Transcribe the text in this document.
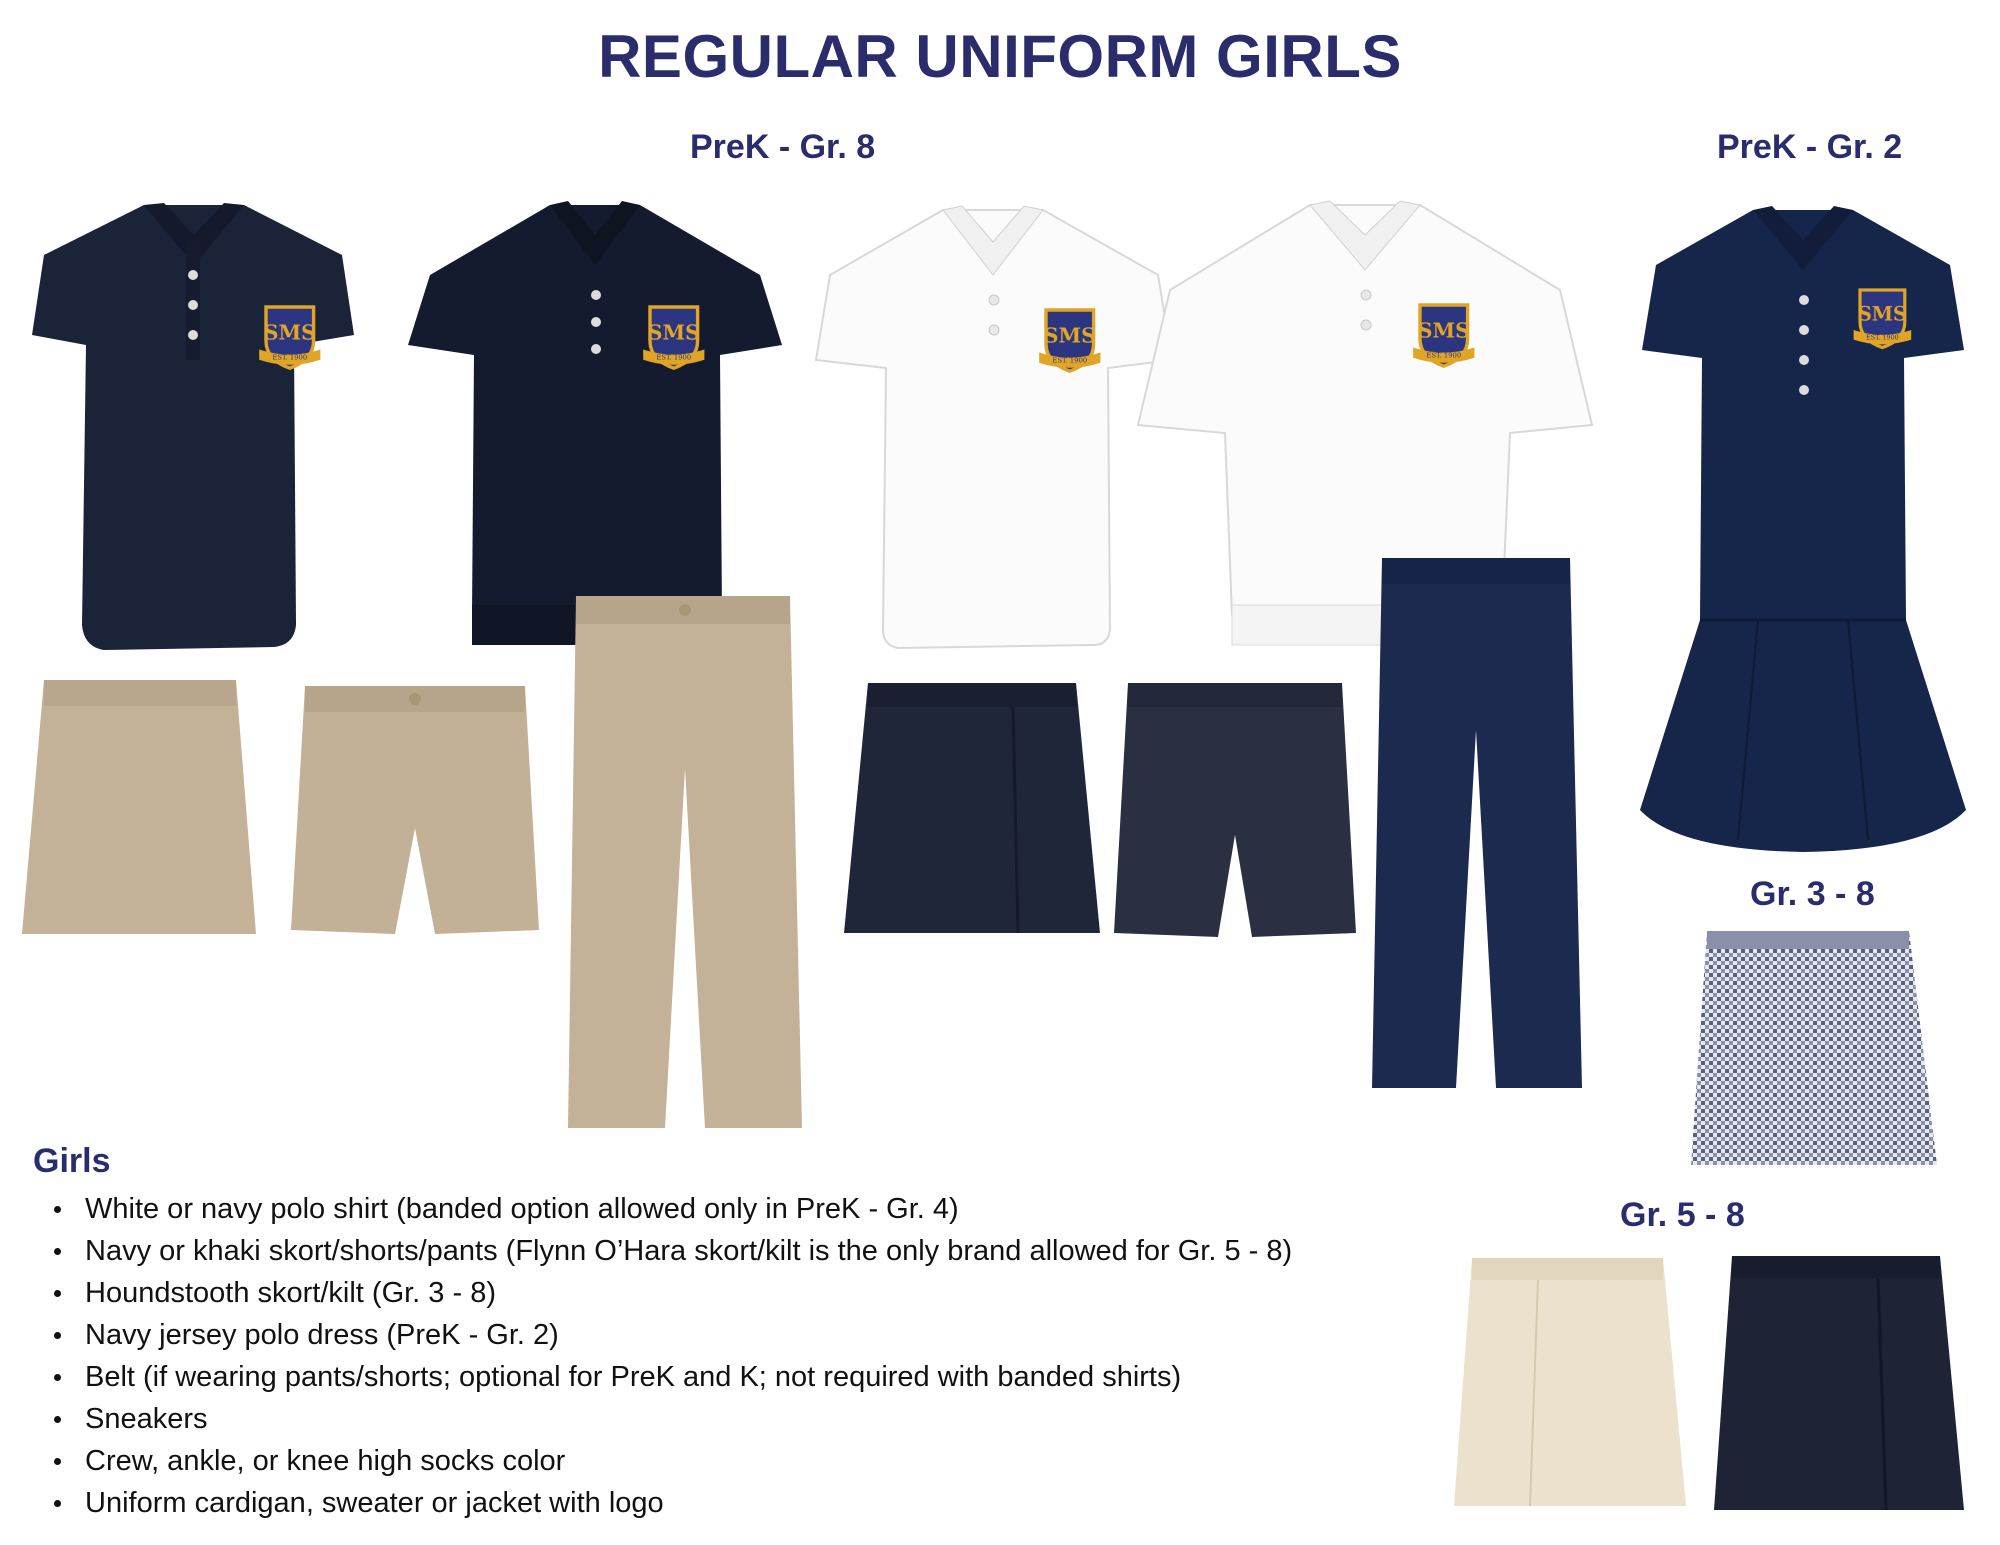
REGULAR UNIFORM GIRLS
PreK - Gr. 8	PreK - Gr. 2
Gr. 3 - 8
Gr. 5 - 8
Girls
White or navy polo shirt (banded option allowed only in PreK - Gr. 4)
Navy or khaki skort/shorts/pants (Flynn O’Hara skort/kilt is the only brand allowed for Gr. 5 - 8)
Houndstooth skort/kilt (Gr. 3 - 8)
Navy jersey polo dress (PreK - Gr. 2)
Belt (if wearing pants/shorts; optional for PreK and K; not required with banded shirts)
Sneakers
Crew, ankle, or knee high socks color
Uniform cardigan, sweater or jacket with logo
